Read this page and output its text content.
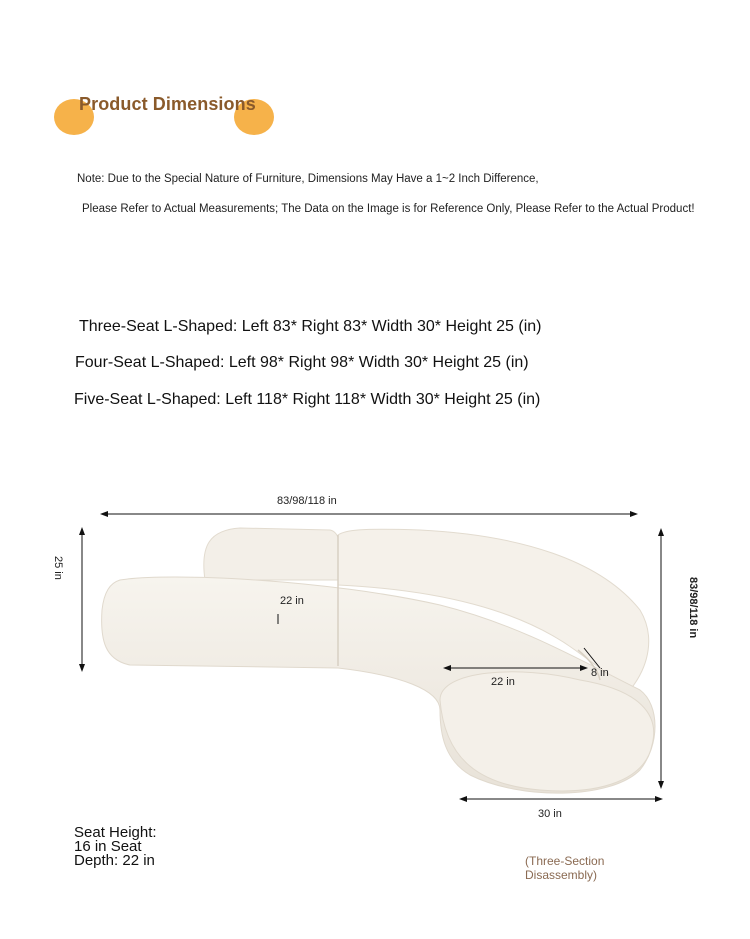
Product Dimensions
Note: Due to the Special Nature of Furniture, Dimensions May Have a 1~2 Inch Difference,
Please Refer to Actual Measurements; The Data on the Image is for Reference Only, Please Refer to the Actual Product!
Three-Seat L-Shaped: Left 83* Right 83* Width 30* Height 25 (in)
Four-Seat L-Shaped: Left 98* Right 98* Width 30* Height 25 (in)
Five-Seat L-Shaped: Left 118* Right 118* Width 30* Height 25 (in)
83/98/118 in
25 in
83/98/118 in
22 in
22 in
8 in
30 in
Seat Height:
16 in Seat
Depth: 22 in	(Three-Section
Disassembly)
